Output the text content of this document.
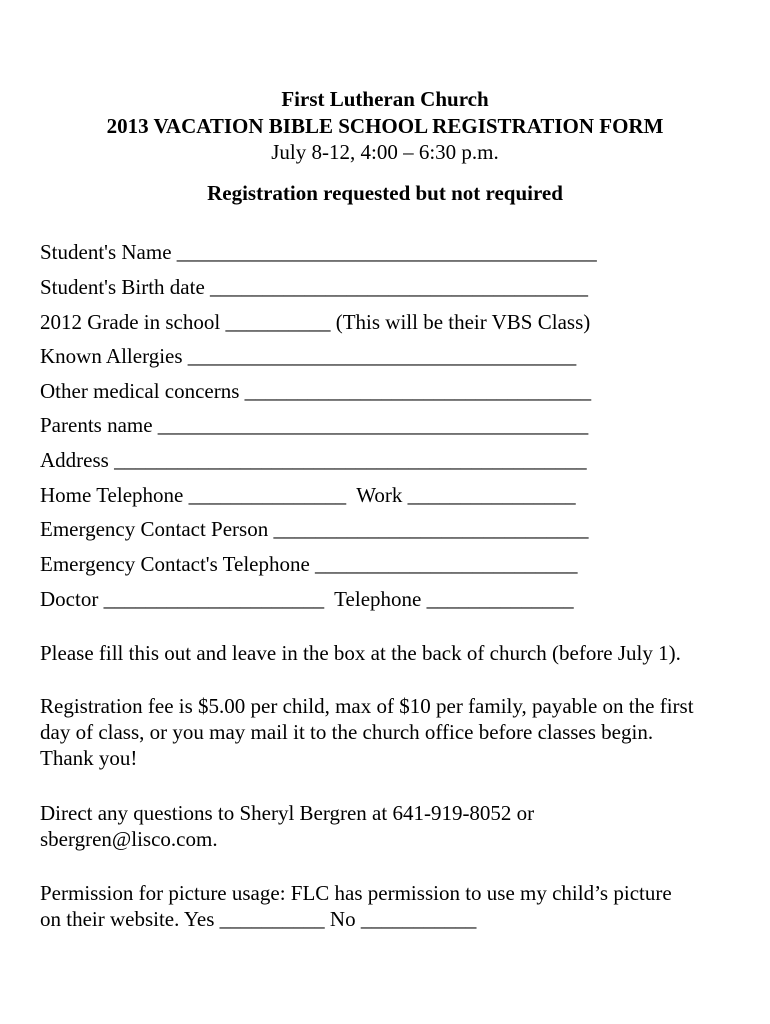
First Lutheran Church
2013 VACATION BIBLE SCHOOL REGISTRATION FORM
July 8-12, 4:00 – 6:30 p.m.
Registration requested but not required
Student's Name ________________________________________
Student's Birth date ____________________________________
2012 Grade in school __________ (This will be their VBS Class)
Known Allergies _____________________________________
Other medical concerns _________________________________
Parents name _________________________________________
Address _____________________________________________
Home Telephone _______________  Work ________________
Emergency Contact Person ______________________________
Emergency Contact's Telephone _________________________
Doctor _____________________  Telephone ______________
Please fill this out and leave in the box at the back of church (before July 1).
Registration fee is $5.00 per child, max of $10 per family, payable on the first
day of class, or you may mail it to the church office before classes begin.
Thank you!
Direct any questions to Sheryl Bergren at 641-919-8052 or
sbergren@lisco.com.
Permission for picture usage: FLC has permission to use my child’s picture
on their website. Yes __________ No ___________
